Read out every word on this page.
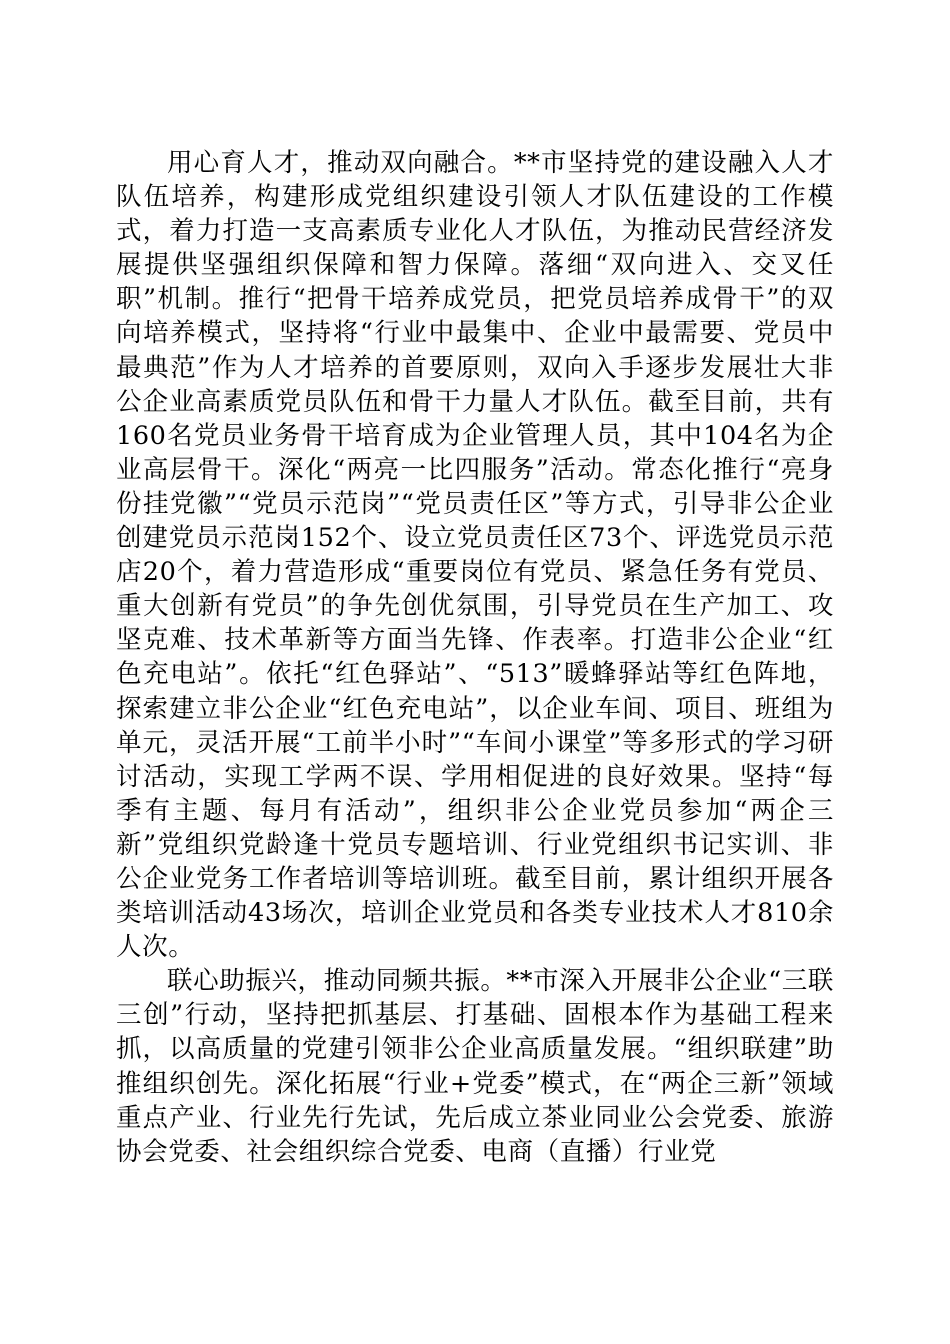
用心育人才，推动双向融合。**市坚持党的建设融入人才队伍培养，构建形成党组织建设引领人才队伍建设的工作模式，着力打造一支高素质专业化人才队伍，为推动民营经济发展提供坚强组织保障和智力保障。落细“双向进入、交叉任职”机制。推行“把骨干培养成党员，把党员培养成骨干”的双向培养模式，坚持将“行业中最集中、企业中最需要、党员中最典范”作为人才培养的首要原则，双向入手逐步发展壮大非公企业高素质党员队伍和骨干力量人才队伍。截至目前，共有160名党员业务骨干培育成为企业管理人员，其中104名为企业高层骨干。深化“两亮一比四服务”活动。常态化推行“亮身份挂党徽”“党员示范岗”“党员责任区”等方式，引导非公企业创建党员示范岗152个、设立党员责任区73个、评选党员示范店20个，着力营造形成“重要岗位有党员、紧急任务有党员、重大创新有党员”的争先创优氛围，引导党员在生产加工、攻坚克难、技术革新等方面当先锋、作表率。打造非公企业“红色充电站”。依托“红色驿站”、“513”暖蜂驿站等红色阵地，探索建立非公企业“红色充电站”，以企业车间、项目、班组为单元，灵活开展“工前半小时”“车间小课堂”等多形式的学习研讨活动，实现工学两不误、学用相促进的良好效果。坚持“每季有主题、每月有活动”，组织非公企业党员参加“两企三新”党组织党龄逢十党员专题培训、行业党组织书记实训、非公企业党务工作者培训等培训班。截至目前，累计组织开展各类培训活动43场次，培训企业党员和各类专业技术人才810余人次。

联心助振兴，推动同频共振。**市深入开展非公企业“三联三创”行动，坚持把抓基层、打基础、固根本作为基础工程来抓，以高质量的党建引领非公企业高质量发展。“组织联建”助推组织创先。深化拓展“行业+党委”模式，在“两企三新”领域重点产业、行业先行先试，先后成立茶业同业公会党委、旅游协会党委、社会组织综合党委、电商（直播）行业党
